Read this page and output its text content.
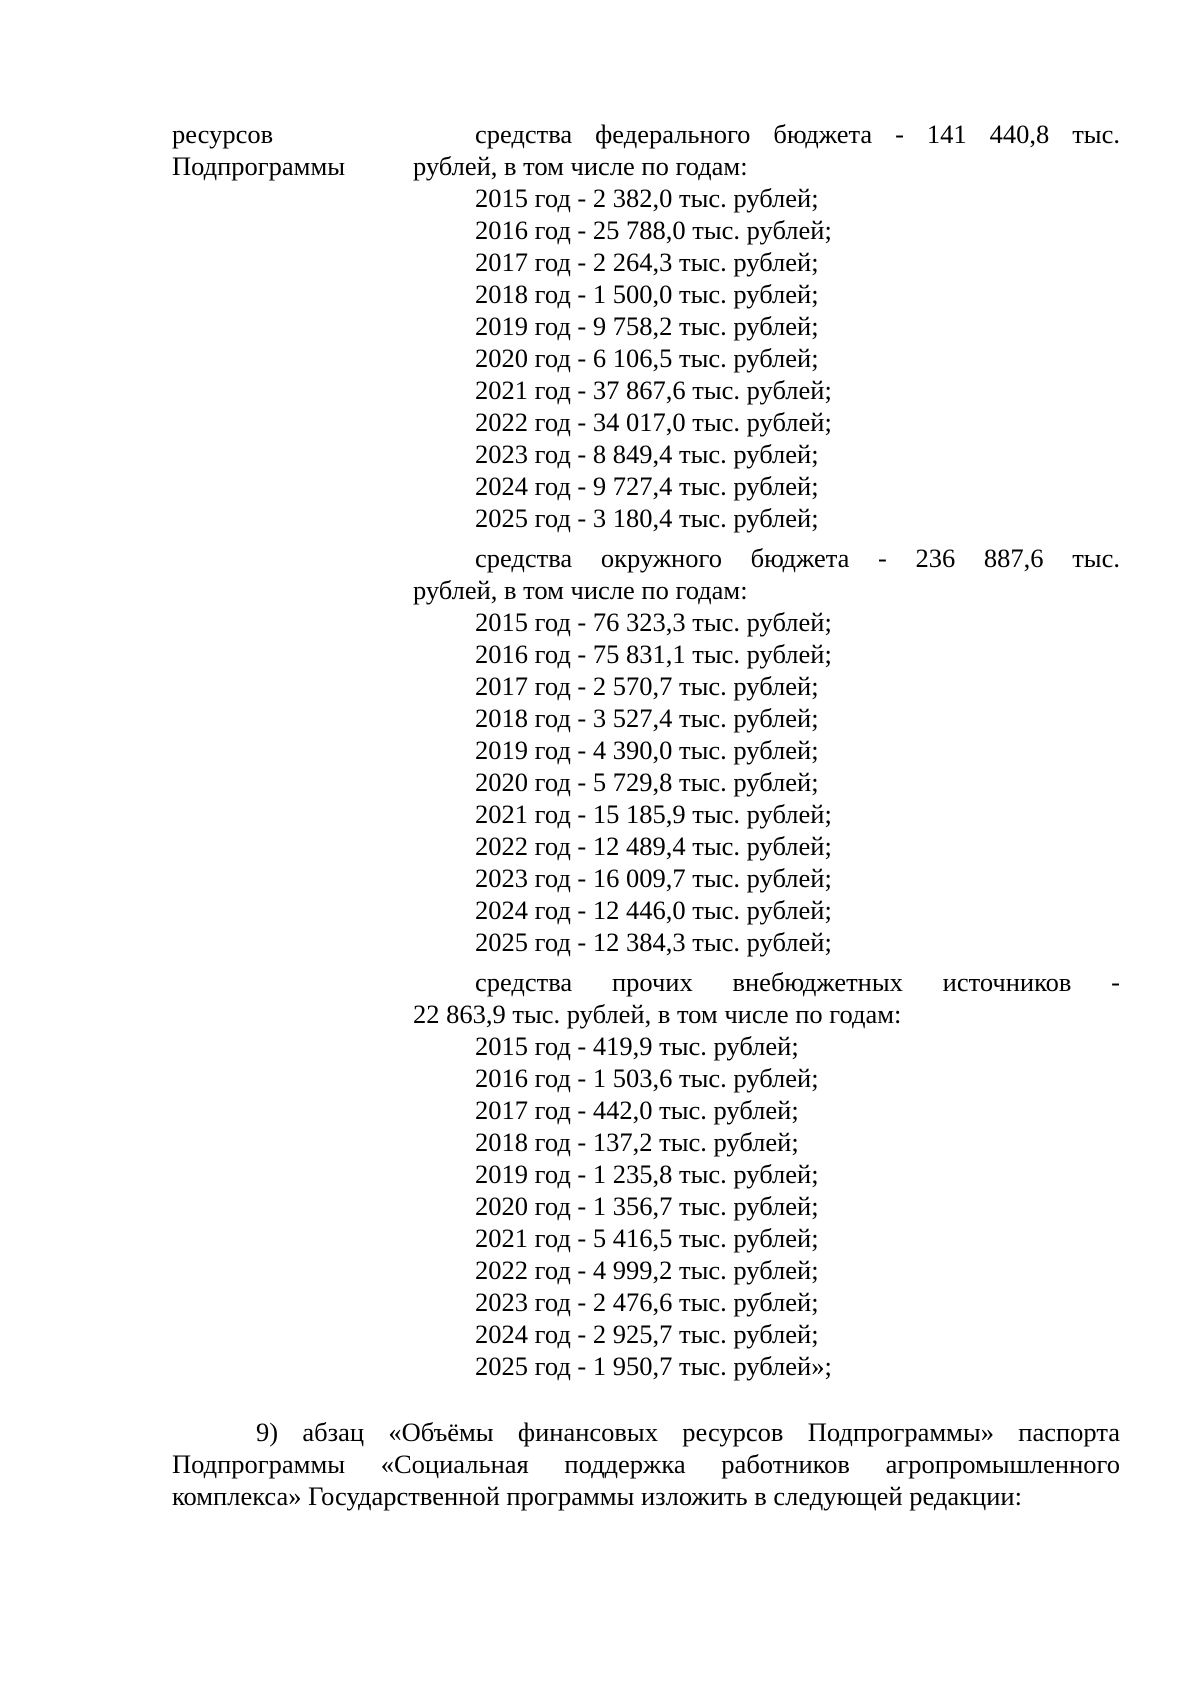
ресурсов
Подпрограммы
средства федерального бюджета - 141 440,8 тыс.
рублей, в том числе по годам:
2015 год - 2 382,0 тыс. рублей;
2016 год - 25 788,0 тыс. рублей;
2017 год - 2 264,3 тыс. рублей;
2018 год - 1 500,0 тыс. рублей;
2019 год - 9 758,2 тыс. рублей;
2020 год - 6 106,5 тыс. рублей;
2021 год - 37 867,6 тыс. рублей;
2022 год - 34 017,0 тыс. рублей;
2023 год - 8 849,4 тыс. рублей;
2024 год - 9 727,4 тыс. рублей;
2025 год - 3 180,4 тыс. рублей;
средства окружного бюджета - 236 887,6 тыс.
рублей, в том числе по годам:
2015 год - 76 323,3 тыс. рублей;
2016 год - 75 831,1 тыс. рублей;
2017 год - 2 570,7 тыс. рублей;
2018 год - 3 527,4 тыс. рублей;
2019 год - 4 390,0 тыс. рублей;
2020 год - 5 729,8 тыс. рублей;
2021 год - 15 185,9 тыс. рублей;
2022 год - 12 489,4 тыс. рублей;
2023 год - 16 009,7 тыс. рублей;
2024 год - 12 446,0 тыс. рублей;
2025 год - 12 384,3 тыс. рублей;
средства прочих внебюджетных источников -
22 863,9 тыс. рублей, в том числе по годам:
2015 год - 419,9 тыс. рублей;
2016 год - 1 503,6 тыс. рублей;
2017 год - 442,0 тыс. рублей;
2018 год - 137,2 тыс. рублей;
2019 год - 1 235,8 тыс. рублей;
2020 год - 1 356,7 тыс. рублей;
2021 год - 5 416,5 тыс. рублей;
2022 год - 4 999,2 тыс. рублей;
2023 год - 2 476,6 тыс. рублей;
2024 год - 2 925,7 тыс. рублей;
2025 год - 1 950,7 тыс. рублей»;
9) абзац «Объёмы финансовых ресурсов Подпрограммы» паспорта
Подпрограммы «Социальная поддержка работников агропромышленного
комплекса» Государственной программы изложить в следующей редакции:
